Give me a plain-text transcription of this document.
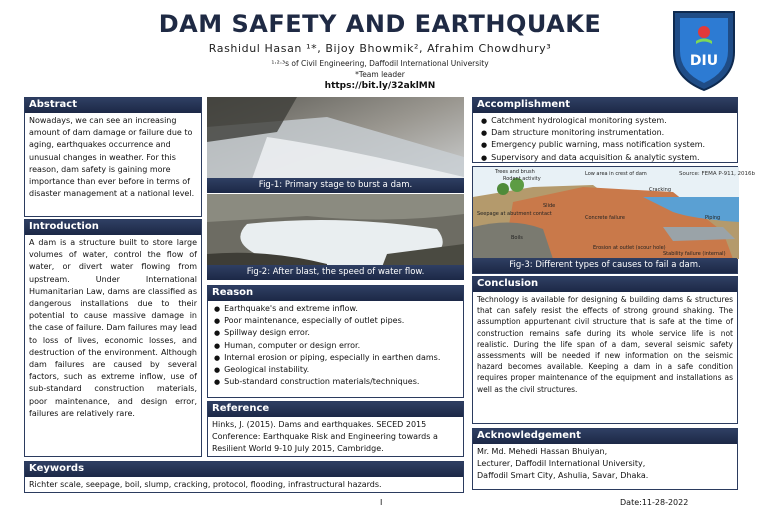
DAM SAFETY AND EARTHQUAKE
Rashidul Hasan ¹*, Bijoy Bhowmik², Afrahim Chowdhury³
¹·²·³s of Civil Engineering, Daffodil International University
*Team leader
https://bit.ly/32aklMN
DIU
Abstract
Nowadays, we can see an increasing amount of dam damage or failure due to aging, earthquakes occurrence and unusual changes in weather. For this reason, dam safety is gaining more importance than ever before in terms of disaster management at a national level.
Introduction
A dam is a structure built to store large volumes of water, control the flow of water, or divert water flowing from upstream. Under International Humanitarian Law, dams are classified as dangerous installations due to their potential to cause massive damage in the case of failure. Dam failures may lead to loss of lives, economic losses, and destruction of the environment. Although dam failures are caused by several factors, such as extreme inflow, use of sub-standard construction materials, poor maintenance, and design error, failures are relatively rare.
Fig-1: Primary stage to burst a dam.
Fig-2: After blast, the speed of water flow.
Reason
● Earthquake's and extreme inflow.
● Poor maintenance, especially of outlet pipes.
● Spillway design error.
● Human, computer or design error.
● Internal erosion or piping, especially in earthen dams.
● Geological instability.
● Sub-standard construction materials/techniques.
Reference
Hinks, J. (2015). Dams and earthquakes. SECED 2015 Conference: Earthquake Risk and Engineering towards a Resilient World 9-10 July 2015, Cambridge.
Accomplishment
● Catchment hydrological monitoring system.
● Dam structure monitoring instrumentation.
● Emergency public warning, mass notification system.
● Supervisory and data acquisition & analytic system.
Source: FEMA P-911, 2016b
Trees and brush
Rodent activity
Low area in crest of dam
Cracking
Slide
Piping
Concrete failure
Seepage at abutment contact
Boils
Erosion at outlet (scour hole)
Stability failure (internal)
Fig-3: Different types of causes to fail a dam.
Conclusion
Technology is available for designing & building dams & structures that can safely resist the effects of strong ground shaking. The assumption appurtenant civil structure that is safe at the time of construction remains safe during its whole service life is not realistic. During the life span of a dam, several seismic safety assessments will be needed if new information on the seismic hazard becomes available. Keeping a dam in a safe condition requires proper maintenance of the equipment and installations as well as the civil structures.
Acknowledgement
Mr. Md. Mehedi Hassan Bhuiyan,
Lecturer, Daffodil International University,
Daffodil Smart City, Ashulia, Savar, Dhaka.
Keywords
Richter scale, seepage, boil, slump, cracking, protocol, flooding, infrastructural hazards.
I	Date:11-28-2022
